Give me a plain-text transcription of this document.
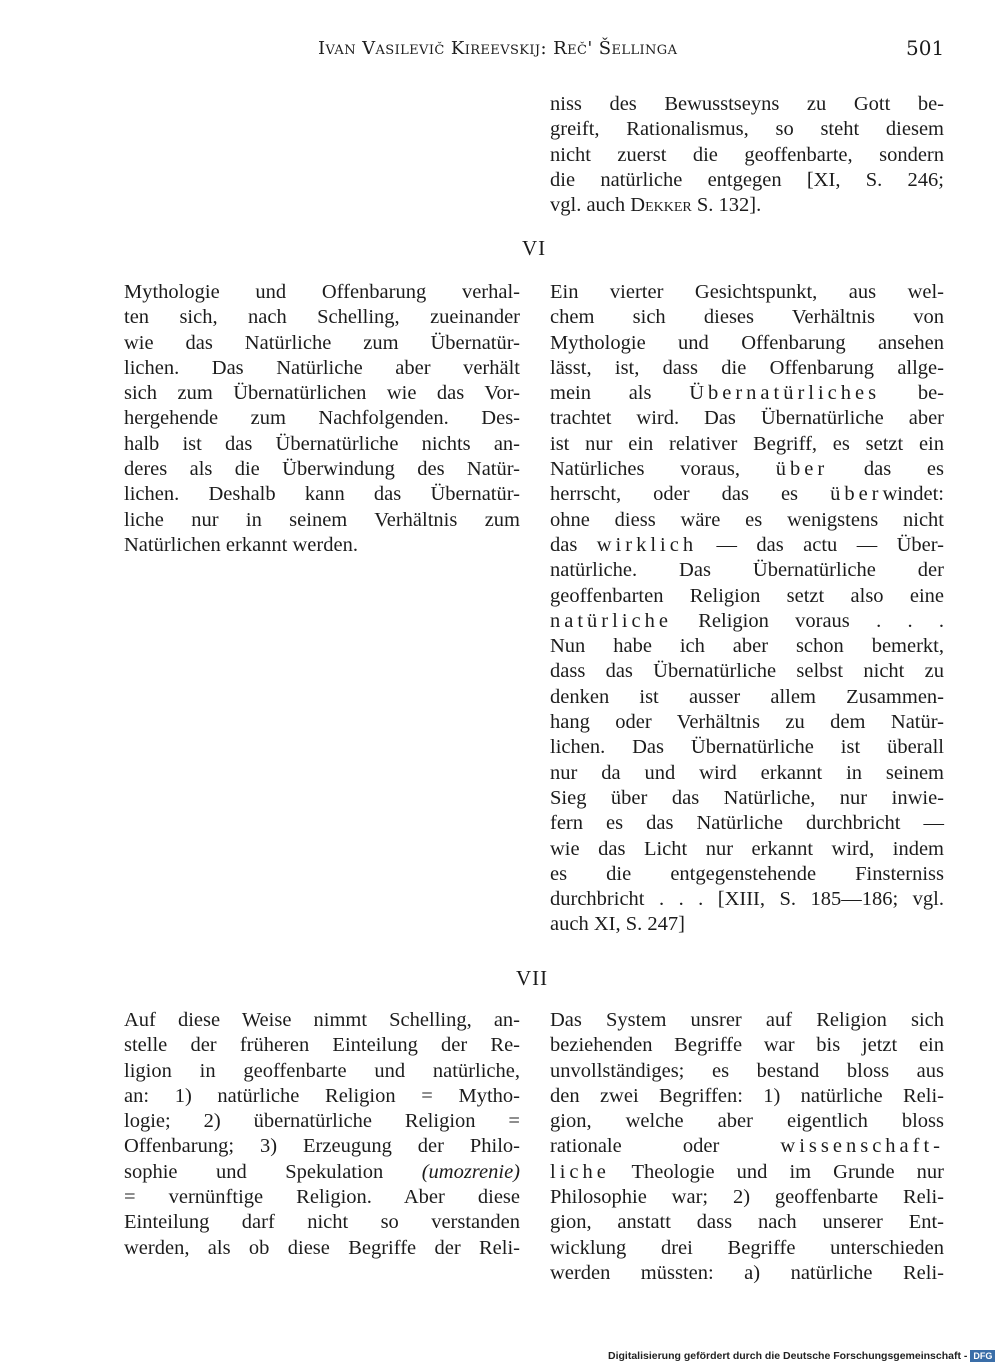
Ivan Vasilevič Kireevskij: Reč' Šellinga	501
niss des Bewusstseyns zu Gott be-
greift, Rationalismus, so steht diesem
nicht zuerst die geoffenbarte, sondern
die natürliche entgegen [XI, S. 246;
vgl. auch Dekker S. 132].
VI
Mythologie und Offenbarung verhal-
ten sich, nach Schelling, zueinander
wie das Natürliche zum Übernatür-
lichen. Das Natürliche aber verhält
sich zum Übernatürlichen wie das Vor-
hergehende zum Nachfolgenden. Des-
halb ist das Übernatürliche nichts an-
deres als die Überwindung des Natür-
lichen. Deshalb kann das Übernatür-
liche nur in seinem Verhältnis zum
Natürlichen erkannt werden.
Ein vierter Gesichtspunkt, aus wel-
chem sich dieses Verhältnis von
Mythologie und Offenbarung ansehen
lässt, ist, dass die Offenbarung allge-
mein als Übernatürliches be-
trachtet wird. Das Übernatürliche aber
ist nur ein relativer Begriff, es setzt ein
Natürliches voraus, über das es
herrscht, oder das es überwindet:
ohne diess wäre es wenigstens nicht
das wirklich — das actu — Über-
natürliche. Das Übernatürliche der
geoffenbarten Religion setzt also eine
natürliche Religion voraus . . .
Nun habe ich aber schon bemerkt,
dass das Übernatürliche selbst nicht zu
denken ist ausser allem Zusammen-
hang oder Verhältnis zu dem Natür-
lichen. Das Übernatürliche ist überall
nur da und wird erkannt in seinem
Sieg über das Natürliche, nur inwie-
fern es das Natürliche durchbricht —
wie das Licht nur erkannt wird, indem
es die entgegenstehende Finsterniss
durchbricht . . . [XIII, S. 185—186; vgl.
auch XI, S. 247]
VII
Auf diese Weise nimmt Schelling, an-
stelle der früheren Einteilung der Re-
ligion in geoffenbarte und natürliche,
an: 1) natürliche Religion = Mytho-
logie; 2) übernatürliche Religion =
Offenbarung; 3) Erzeugung der Philo-
sophie und Spekulation (umozrenie)
= vernünftige Religion. Aber diese
Einteilung darf nicht so verstanden
werden, als ob diese Begriffe der Reli-
Das System unsrer auf Religion sich
beziehenden Begriffe war bis jetzt ein
unvollständiges; es bestand bloss aus
den zwei Begriffen: 1) natürliche Reli-
gion, welche aber eigentlich bloss
rationale oder wissenschaft-
liche Theologie und im Grunde nur
Philosophie war; 2) geoffenbarte Reli-
gion, anstatt dass nach unserer Ent-
wicklung drei Begriffe unterschieden
werden müssten: a) natürliche Reli-
Digitalisierung gefördert durch die Deutsche Forschungsgemeinschaft - DFG
